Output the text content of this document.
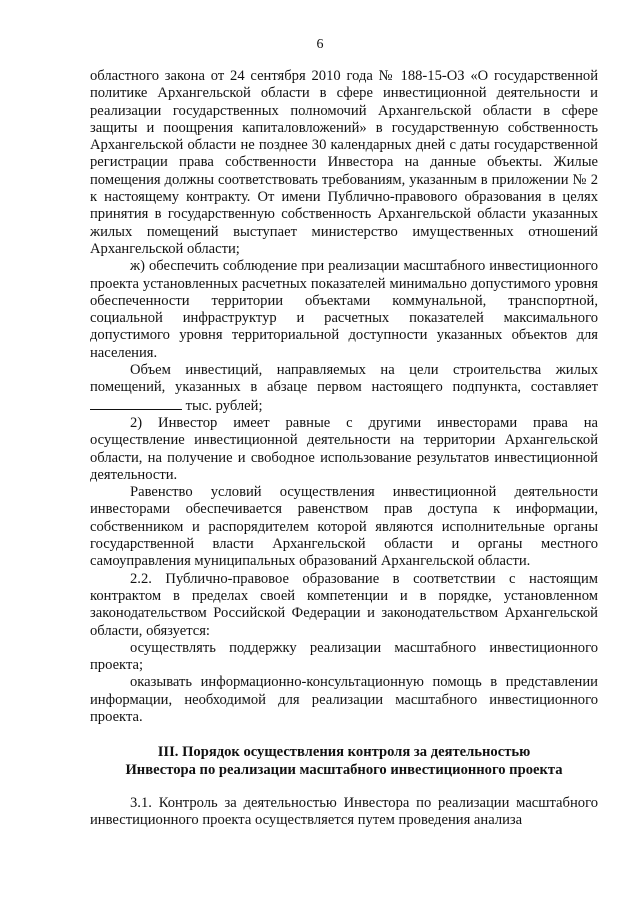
6

областного закона от 24 сентября 2010 года № 188-15-ОЗ «О государственной политике Архангельской области в сфере инвестиционной деятельности и реализации государственных полномочий Архангельской области в сфере защиты и поощрения капиталовложений» в государственную собственность Архангельской области не позднее 30 календарных дней с даты государственной регистрации права собственности Инвестора на данные объекты. Жилые помещения должны соответствовать требованиям, указанным в приложении № 2 к настоящему контракту. От имени Публично-правового образования в целях принятия в государственную собственность Архангельской области указанных жилых помещений выступает министерство имущественных отношений Архангельской области;

ж) обеспечить соблюдение при реализации масштабного инвестиционного проекта установленных расчетных показателей минимально допустимого уровня обеспеченности территории объектами коммунальной, транспортной, социальной инфраструктур и расчетных показателей максимального допустимого уровня территориальной доступности указанных объектов для населения.

Объем инвестиций, направляемых на цели строительства жилых помещений, указанных в абзаце первом настоящего подпункта, составляет  тыс. рублей;

2) Инвестор имеет равные с другими инвесторами права на осуществление инвестиционной деятельности на территории Архангельской области, на получение и свободное использование результатов инвестиционной деятельности.

Равенство условий осуществления инвестиционной деятельности инвесторами обеспечивается равенством прав доступа к информации, собственником и распорядителем которой являются исполнительные органы государственной власти Архангельской области и органы местного самоуправления муниципальных образований Архангельской области.

2.2. Публично-правовое образование в соответствии с настоящим контрактом в пределах своей компетенции и в порядке, установленном законодательством Российской Федерации и законодательством Архангельской области, обязуется:

осуществлять поддержку реализации масштабного инвестиционного проекта;

оказывать информационно-консультационную помощь в представлении информации, необходимой для реализации масштабного инвестиционного проекта.

III. Порядок осуществления контроля за деятельностью
Инвестора по реализации масштабного инвестиционного проекта

3.1. Контроль за деятельностью Инвестора по реализации масштабного инвестиционного проекта осуществляется путем проведения анализа
